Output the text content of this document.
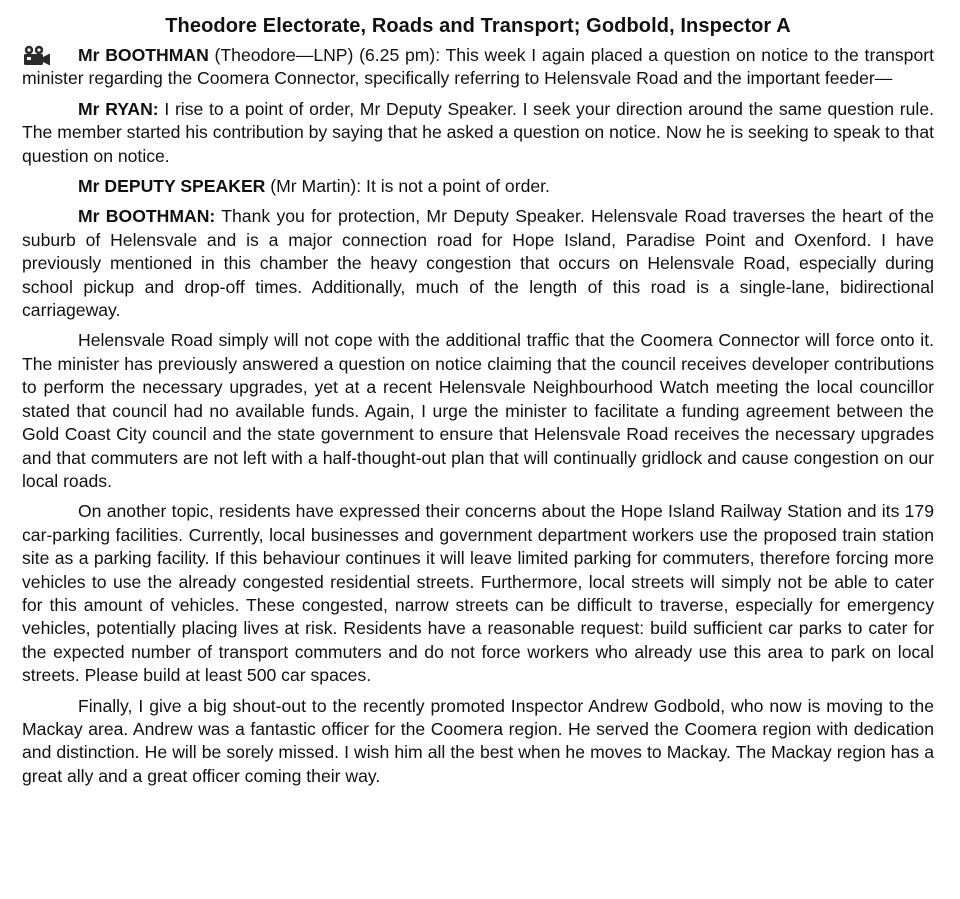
Theodore Electorate, Roads and Transport; Godbold, Inspector A

Mr BOOTHMAN (Theodore—LNP) (6.25 pm): This week I again placed a question on notice to the transport minister regarding the Coomera Connector, specifically referring to Helensvale Road and the important feeder—

Mr RYAN: I rise to a point of order, Mr Deputy Speaker. I seek your direction around the same question rule. The member started his contribution by saying that he asked a question on notice. Now he is seeking to speak to that question on notice.

Mr DEPUTY SPEAKER (Mr Martin): It is not a point of order.

Mr BOOTHMAN: Thank you for protection, Mr Deputy Speaker. Helensvale Road traverses the heart of the suburb of Helensvale and is a major connection road for Hope Island, Paradise Point and Oxenford. I have previously mentioned in this chamber the heavy congestion that occurs on Helensvale Road, especially during school pickup and drop-off times. Additionally, much of the length of this road is a single-lane, bidirectional carriageway.

Helensvale Road simply will not cope with the additional traffic that the Coomera Connector will force onto it. The minister has previously answered a question on notice claiming that the council receives developer contributions to perform the necessary upgrades, yet at a recent Helensvale Neighbourhood Watch meeting the local councillor stated that council had no available funds. Again, I urge the minister to facilitate a funding agreement between the Gold Coast City council and the state government to ensure that Helensvale Road receives the necessary upgrades and that commuters are not left with a half-thought-out plan that will continually gridlock and cause congestion on our local roads.

On another topic, residents have expressed their concerns about the Hope Island Railway Station and its 179 car-parking facilities. Currently, local businesses and government department workers use the proposed train station site as a parking facility. If this behaviour continues it will leave limited parking for commuters, therefore forcing more vehicles to use the already congested residential streets. Furthermore, local streets will simply not be able to cater for this amount of vehicles. These congested, narrow streets can be difficult to traverse, especially for emergency vehicles, potentially placing lives at risk. Residents have a reasonable request: build sufficient car parks to cater for the expected number of transport commuters and do not force workers who already use this area to park on local streets. Please build at least 500 car spaces.

Finally, I give a big shout-out to the recently promoted Inspector Andrew Godbold, who now is moving to the Mackay area. Andrew was a fantastic officer for the Coomera region. He served the Coomera region with dedication and distinction. He will be sorely missed. I wish him all the best when he moves to Mackay. The Mackay region has a great ally and a great officer coming their way.
